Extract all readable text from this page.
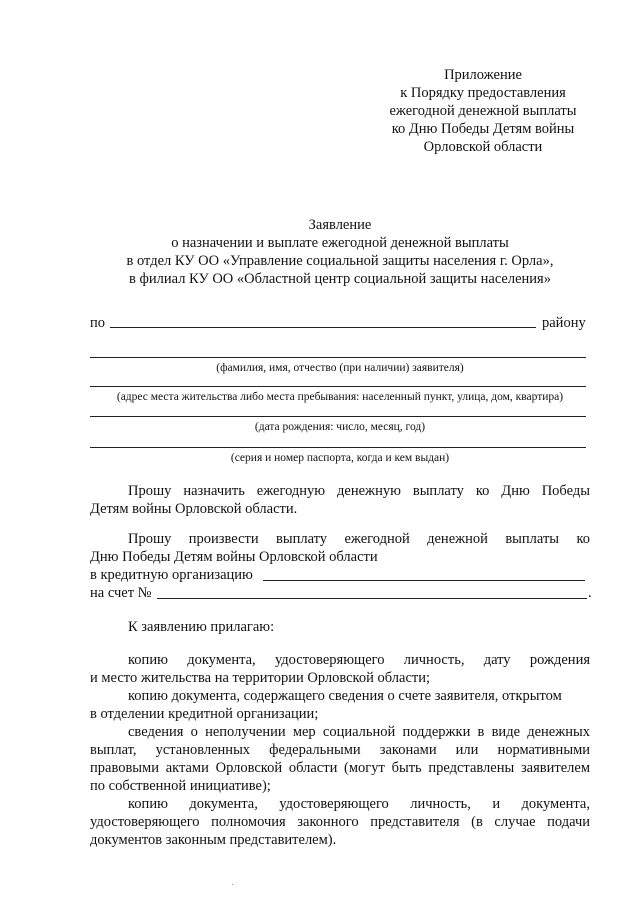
Приложение
к Порядку предоставления
ежегодной денежной выплаты
ко Дню Победы Детям войны
Орловской области
Заявление
о назначении и выплате ежегодной денежной выплаты
в отдел КУ ОО «Управление социальной защиты населения г. Орла»,
в филиал КУ ОО «Областной центр социальной защиты населения»
по	району
(фамилия, имя, отчество (при наличии) заявителя)
(адрес места жительства либо места пребывания: населенный пункт, улица, дом, квартира)
(дата рождения: число, месяц, год)
(серия и номер паспорта, когда и кем выдан)
Прошу назначить ежегодную денежную выплату ко Дню Победы
Детям войны Орловской области.
Прошу произвести выплату ежегодной денежной выплаты ко
Дню Победы Детям войны Орловской области
в кредитную организацию
на счет №	.
К заявлению прилагаю:
копию документа, удостоверяющего личность, дату рождения
и место жительства на территории Орловской области;
копию документа, содержащего сведения о счете заявителя, открытом
в отделении кредитной организации;
сведения о неполучении мер социальной поддержки в виде денежных
выплат, установленных федеральными законами или нормативными
правовыми актами Орловской области (могут быть представлены заявителем
по собственной инициативе);
копию документа, удостоверяющего личность, и документа,
удостоверяющего полномочия законного представителя (в случае подачи
документов законным представителем).
